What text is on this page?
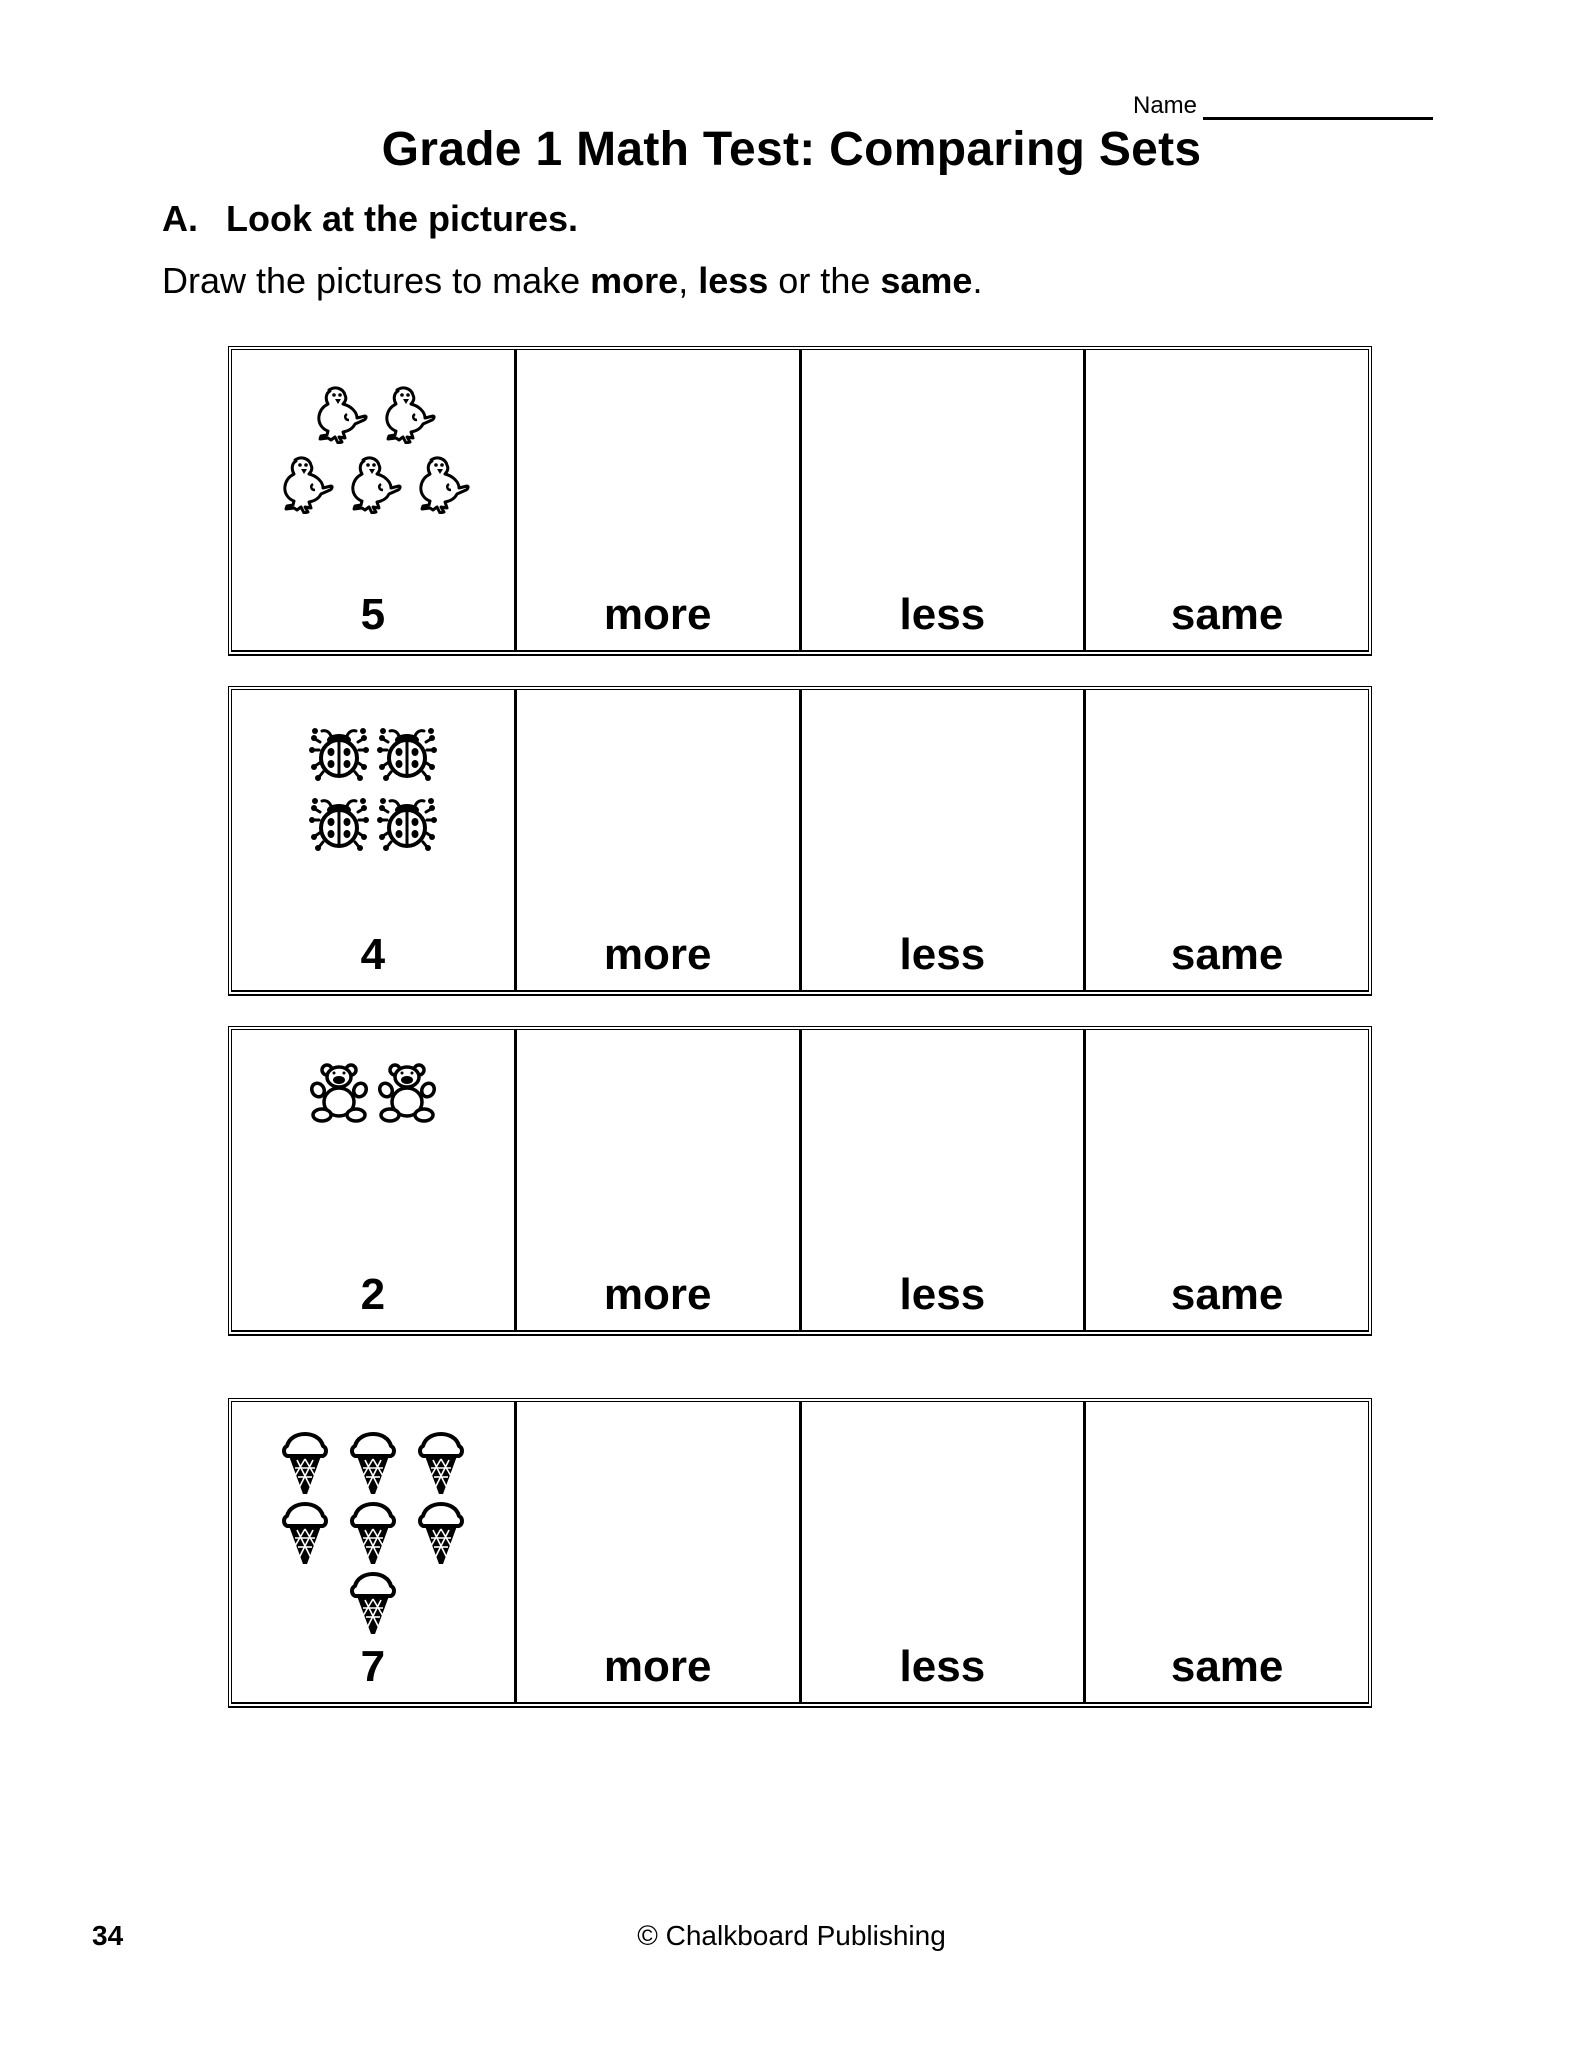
Name
Grade 1 Math Test: Comparing Sets
A. Look at the pictures.
Draw the pictures to make more, less or the same.
5	more	less	same
4	more	less	same
2	more	less	same
7	more	less	same
34	© Chalkboard Publishing
